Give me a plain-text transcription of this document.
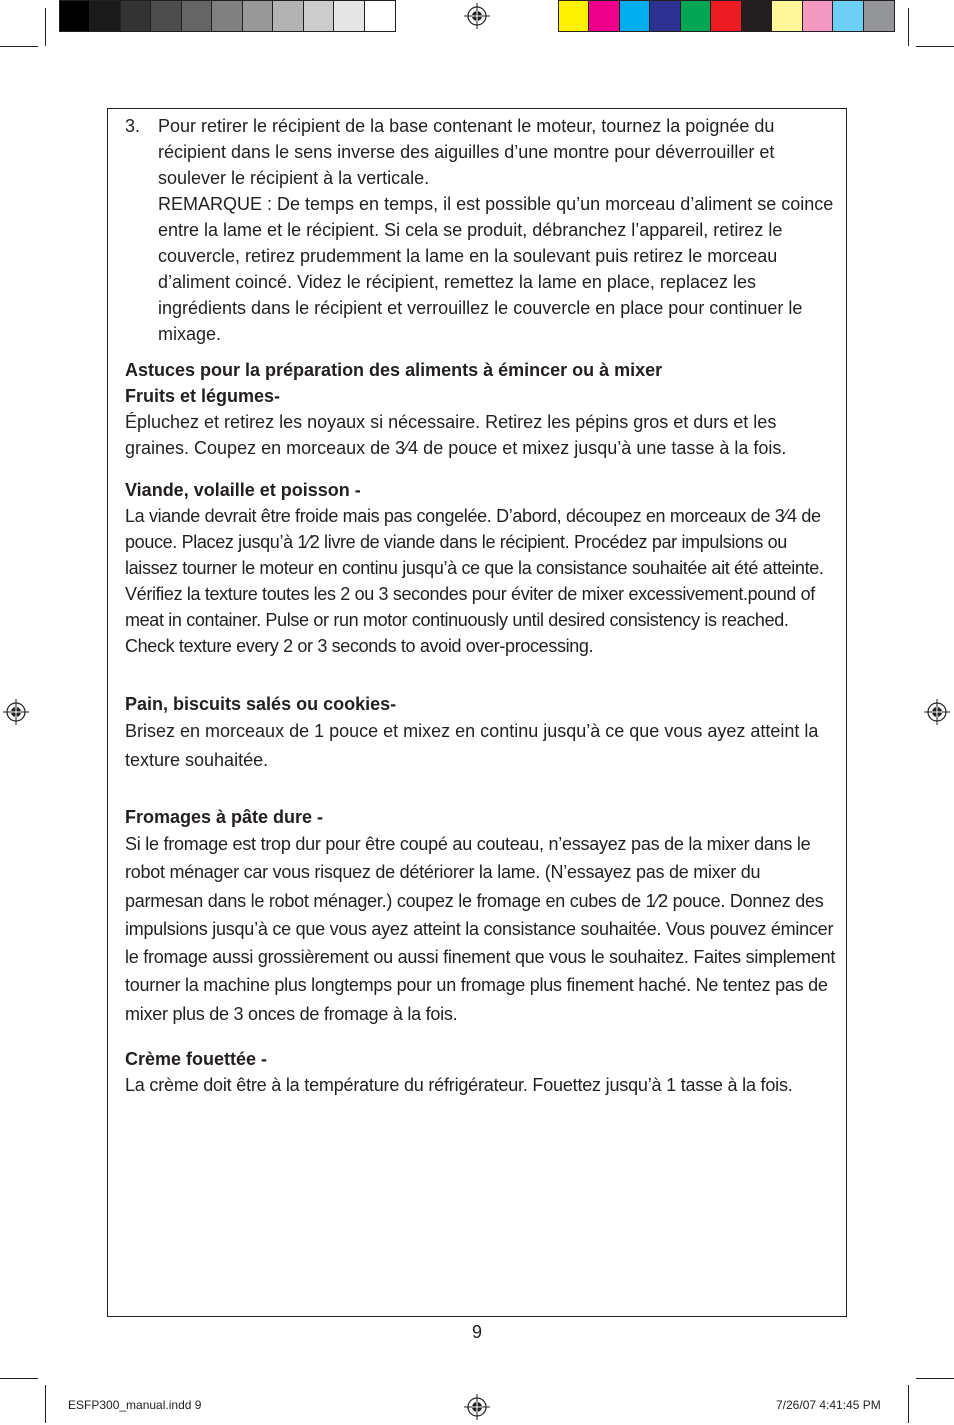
3. Pour retirer le récipient de la base contenant le moteur, tournez la poignée du récipient dans le sens inverse des aiguilles d’une montre pour déverrouiller et soulever le récipient à la verticale.

REMARQUE : De temps en temps, il est possible qu’un morceau d’aliment se coince entre la lame et le récipient. Si cela se produit, débranchez l’appareil, retirez le couvercle, retirez prudemment la lame en la soulevant puis retirez le morceau d’aliment coincé. Videz le récipient, remettez la lame en place, replacez les ingrédients dans le récipient et verrouillez le couvercle en place pour continuer le mixage.

Astuces pour la préparation des aliments à émincer ou à mixer
Fruits et légumes-

Épluchez et retirez les noyaux si nécessaire. Retirez les pépins gros et durs et les graines. Coupez en morceaux de 3⁄4 de pouce et mixez jusqu’à une tasse à la fois.

Viande, volaille et poisson -

La viande devrait être froide mais pas congelée. D’abord, découpez en morceaux de 3⁄4 de pouce. Placez jusqu’à 1⁄2 livre de viande dans le récipient. Procédez par impulsions ou laissez tourner le moteur en continu jusqu’à ce que la consistance souhaitée ait été atteinte. Vérifiez la texture toutes les 2 ou 3 secondes pour éviter de mixer excessivement.pound of meat in container. Pulse or run motor continuously until desired consistency is reached. Check texture every 2 or 3 seconds to avoid over-processing.

Pain, biscuits salés ou cookies-

Brisez en morceaux de 1 pouce et mixez en continu jusqu’à ce que vous ayez atteint la texture souhaitée.

Fromages à pâte dure -

Si le fromage est trop dur pour être coupé au couteau, n’essayez pas de la mixer dans le robot ménager car vous risquez de détériorer la lame. (N’essayez pas de mixer du parmesan dans le robot ménager.) coupez le fromage en cubes de 1⁄2 pouce. Donnez des impulsions jusqu’à ce que vous ayez atteint la consistance souhaitée. Vous pouvez émincer le fromage aussi grossièrement ou aussi finement que vous le souhaitez. Faites simplement tourner la machine plus longtemps pour un fromage plus finement haché. Ne tentez pas de mixer plus de 3 onces de fromage à la fois.

Crème fouettée -

La crème doit être à la température du réfrigérateur. Fouettez jusqu’à 1 tasse à la fois.

9
ESFP300_manual.indd 9	7/26/07 4:41:45 PM
